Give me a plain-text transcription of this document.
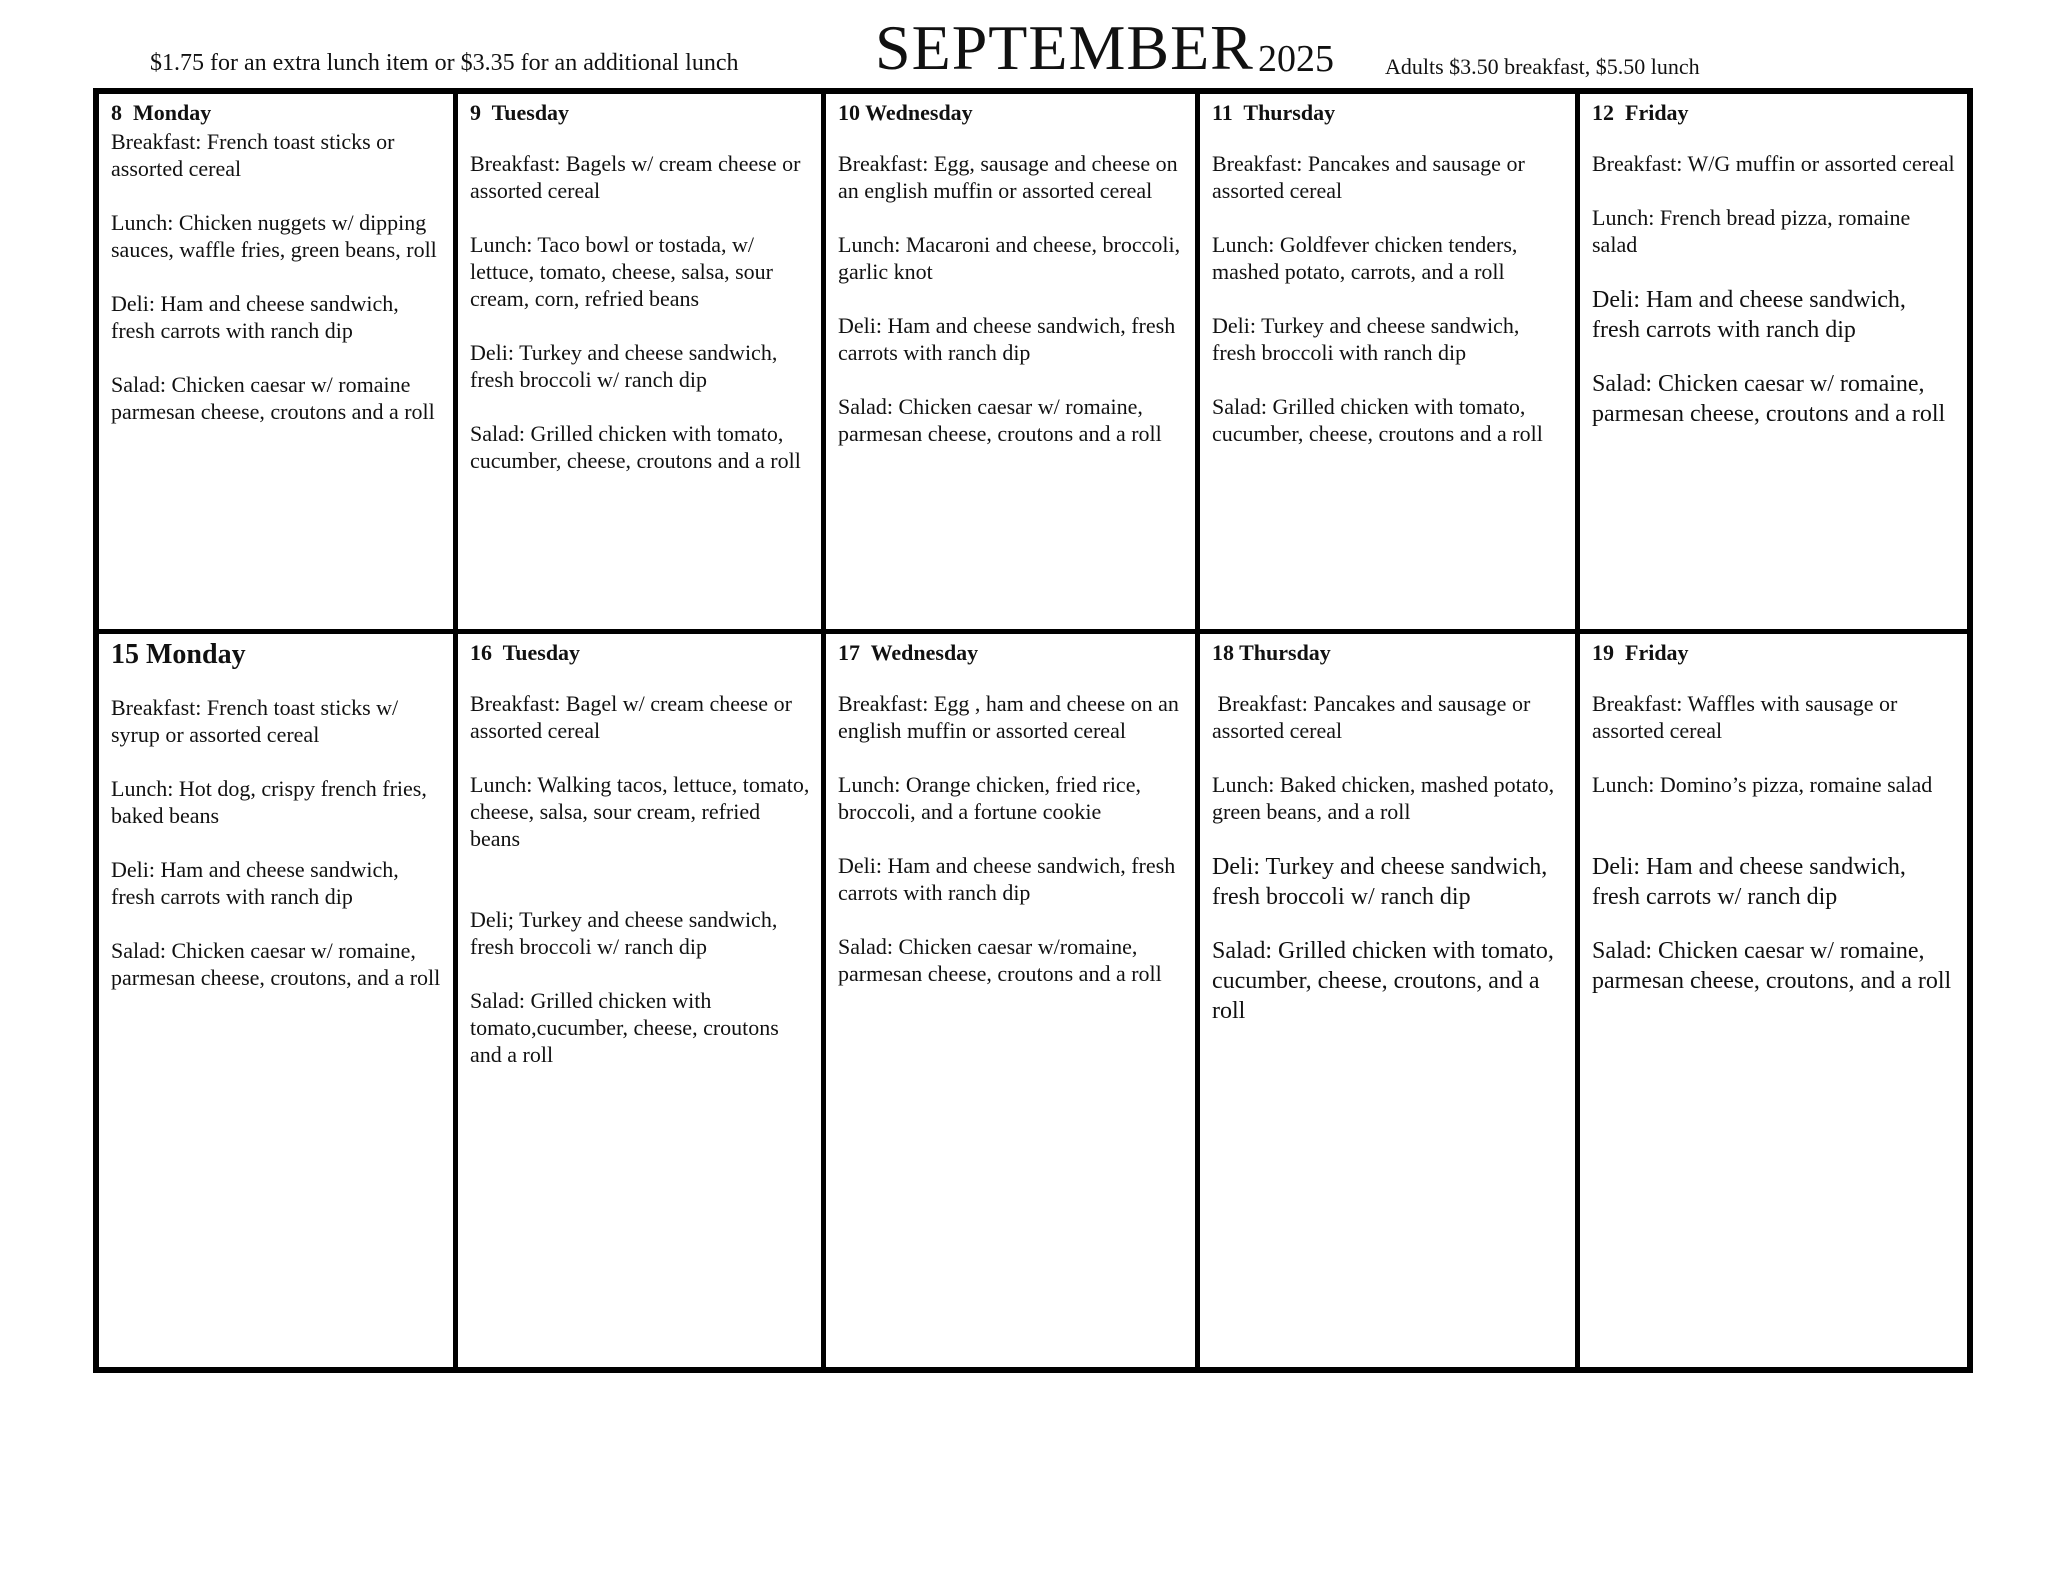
$1.75 for an extra lunch item or $3.35 for an additional lunch SEPTEMBER 2025 Adults $3.50 breakfast, $5.50 lunch
8  Monday

Breakfast: French toast sticks or assorted cereal

Lunch: Chicken nuggets w/ dipping sauces, waffle fries, green beans, roll

Deli: Ham and cheese sandwich, fresh carrots with ranch dip

Salad: Chicken caesar w/ romaine parmesan cheese, croutons and a roll

9  Tuesday

Breakfast: Bagels w/ cream cheese or assorted cereal

Lunch: Taco bowl or tostada, w/ lettuce, tomato, cheese, salsa, sour cream, corn, refried beans

Deli: Turkey and cheese sandwich, fresh broccoli w/ ranch dip

Salad: Grilled chicken with tomato, cucumber, cheese, croutons and a roll

10 Wednesday

Breakfast: Egg, sausage and cheese on an english muffin or assorted cereal

Lunch: Macaroni and cheese, broccoli, garlic knot

Deli: Ham and cheese sandwich, fresh carrots with ranch dip

Salad: Chicken caesar w/ romaine, parmesan cheese, croutons and a roll

11  Thursday

Breakfast: Pancakes and sausage or assorted cereal

Lunch: Goldfever chicken tenders, mashed potato, carrots, and a roll

Deli: Turkey and cheese sandwich, fresh broccoli with ranch dip

Salad: Grilled chicken with tomato, cucumber, cheese, croutons and a roll

12  Friday

Breakfast: W/G muffin or assorted cereal

Lunch: French bread pizza, romaine salad

Deli: Ham and cheese sandwich, fresh carrots with ranch dip

Salad: Chicken caesar w/ romaine, parmesan cheese, croutons and a roll

15 Monday

Breakfast: French toast sticks w/ syrup or assorted cereal

Lunch: Hot dog, crispy french fries, baked beans

Deli: Ham and cheese sandwich, fresh carrots with ranch dip

Salad: Chicken caesar w/ romaine, parmesan cheese, croutons, and a roll

16  Tuesday

Breakfast: Bagel w/ cream cheese or assorted cereal

Lunch: Walking tacos, lettuce, tomato, cheese, salsa, sour cream, refried beans

Deli; Turkey and cheese sandwich, fresh broccoli w/ ranch dip

Salad: Grilled chicken with tomato,cucumber, cheese, croutons and a roll

17  Wednesday

Breakfast: Egg , ham and cheese on an english muffin or assorted cereal

Lunch: Orange chicken, fried rice, broccoli, and a fortune cookie

Deli: Ham and cheese sandwich, fresh carrots with ranch dip

Salad: Chicken caesar w/romaine, parmesan cheese, croutons and a roll

18 Thursday

Breakfast: Pancakes and sausage or assorted cereal

Lunch: Baked chicken, mashed potato, green beans, and a roll

Deli: Turkey and cheese sandwich, fresh broccoli w/ ranch dip

Salad: Grilled chicken with tomato, cucumber, cheese, croutons, and a roll

19  Friday

Breakfast: Waffles with sausage or assorted cereal

Lunch: Domino’s pizza, romaine salad

Deli: Ham and cheese sandwich, fresh carrots w/ ranch dip

Salad: Chicken caesar w/ romaine, parmesan cheese, croutons, and a roll
